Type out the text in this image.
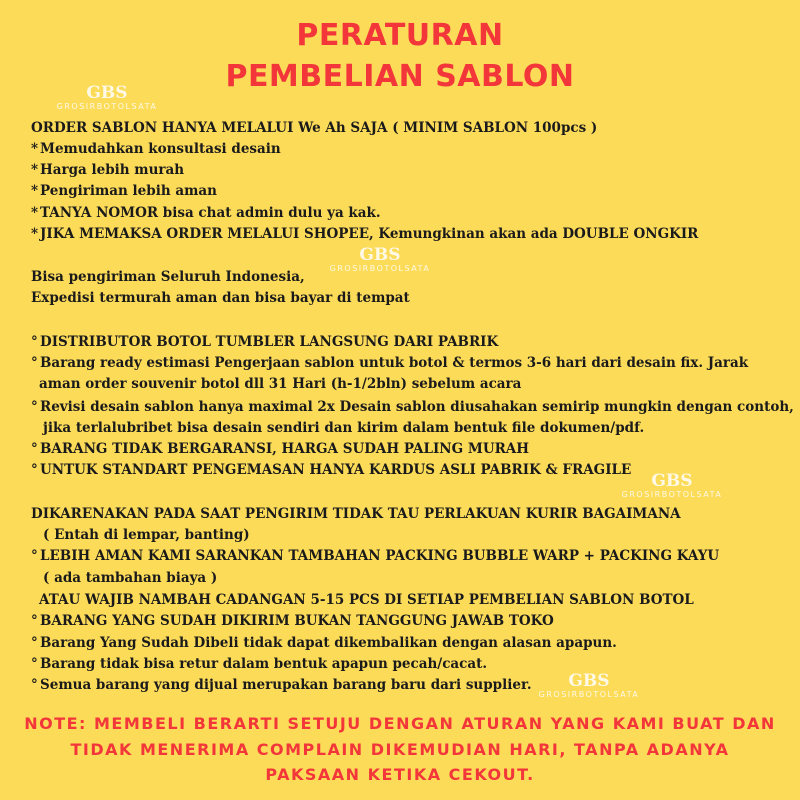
PERATURAN
PEMBELIAN SABLON
GBS
GROSIRBOTOLSATA
GBS
GROSIRBOTOLSATA
GBS
GROSIRBOTOLSATA
GBS
GROSIRBOTOLSATA
ORDER SABLON HANYA MELALUI We Ah SAJA ( MINIM SABLON 100pcs )
* Memudahkan konsultasi desain
* Harga lebih murah
* Pengiriman lebih aman
* TANYA NOMOR bisa chat admin dulu ya kak.
* JIKA MEMAKSA ORDER MELALUI SHOPEE, Kemungkinan akan ada DOUBLE ONGKIR
Bisa pengiriman Seluruh Indonesia,
Expedisi termurah aman dan bisa bayar di tempat
° DISTRIBUTOR BOTOL TUMBLER LANGSUNG DARI PABRIK
° Barang ready estimasi Pengerjaan sablon untuk botol & termos 3-6 hari dari desain fix. Jarak
aman order souvenir botol dll 31 Hari (h-1/2bln) sebelum acara
° Revisi desain sablon hanya maximal 2x Desain sablon diusahakan semirip mungkin dengan contoh,
jika terlalubribet bisa desain sendiri dan kirim dalam bentuk file dokumen/pdf.
° BARANG TIDAK BERGARANSI, HARGA SUDAH PALING MURAH
° UNTUK STANDART PENGEMASAN HANYA KARDUS ASLI PABRIK & FRAGILE
DIKARENAKAN PADA SAAT PENGIRIM TIDAK TAU PERLAKUAN KURIR BAGAIMANA
( Entah di lempar, banting)
° LEBIH AMAN KAMI SARANKAN TAMBAHAN PACKING BUBBLE WARP + PACKING KAYU
( ada tambahan biaya )
ATAU WAJIB NAMBAH CADANGAN 5-15 PCS DI SETIAP PEMBELIAN SABLON BOTOL
° BARANG YANG SUDAH DIKIRIM BUKAN TANGGUNG JAWAB TOKO
° Barang Yang Sudah Dibeli tidak dapat dikembalikan dengan alasan apapun.
° Barang tidak bisa retur dalam bentuk apapun pecah/cacat.
° Semua barang yang dijual merupakan barang baru dari supplier.
NOTE: MEMBELI BERARTI SETUJU DENGAN ATURAN YANG KAMI BUAT DAN
TIDAK MENERIMA COMPLAIN DIKEMUDIAN HARI, TANPA ADANYA
PAKSAAN KETIKA CEKOUT.
